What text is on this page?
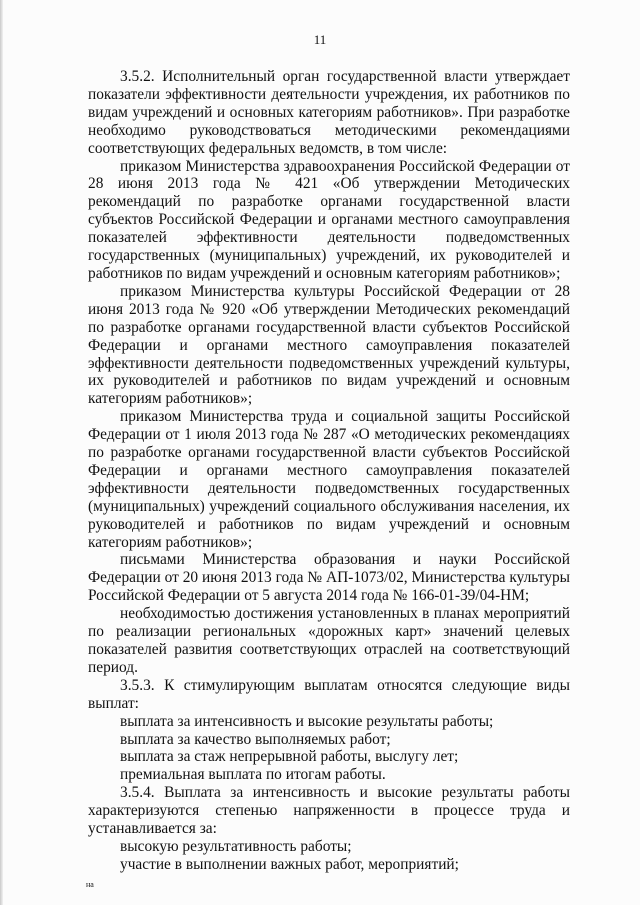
11

3.5.2. Исполнительный орган государственной власти утверждает показатели эффективности деятельности учреждения, их работников по видам учреждений и основных категориям работников». При разработке необходимо руководствоваться методическими рекомендациями соответствующих федеральных ведомств, в том числе:

приказом Министерства здравоохранения Российской Федерации от 28 июня 2013 года № 421 «Об утверждении Методических рекомендаций по разработке органами государственной власти субъектов Российской Федерации и органами местного самоуправления показателей эффективности деятельности подведомственных государственных (муниципальных) учреждений, их руководителей и работников по видам учреждений и основным категориям работников»;

приказом Министерства культуры Российской Федерации от 28 июня 2013 года № 920 «Об утверждении Методических рекомендаций по разработке органами государственной власти субъектов Российской Федерации и органами местного самоуправления показателей эффективности деятельности подведомственных учреждений культуры, их руководителей и работников по видам учреждений и основным категориям работников»;

приказом Министерства труда и социальной защиты Российской Федерации от 1 июля 2013 года № 287 «О методических рекомендациях по разработке органами государственной власти субъектов Российской Федерации и органами местного самоуправления показателей эффективности деятельности подведомственных государственных (муниципальных) учреждений социального обслуживания населения, их руководителей и работников по видам учреждений и основным категориям работников»;

письмами Министерства образования и науки Российской Федерации от 20 июня 2013 года № АП-1073/02, Министерства культуры Российской Федерации от 5 августа 2014 года № 166-01-39/04-НМ;

необходимостью достижения установленных в планах мероприятий по реализации региональных «дорожных карт» значений целевых показателей развития соответствующих отраслей на соответствующий период.

3.5.3. К стимулирующим выплатам относятся следующие виды выплат:

выплата за интенсивность и высокие результаты работы;

выплата за качество выполняемых работ;

выплата за стаж непрерывной работы, выслугу лет;

премиальная выплата по итогам работы.

3.5.4. Выплата за интенсивность и высокие результаты работы характеризуются степенью напряженности в процессе труда и устанавливается за:

высокую результативность работы;

участие в выполнении важных работ, мероприятий;

на
